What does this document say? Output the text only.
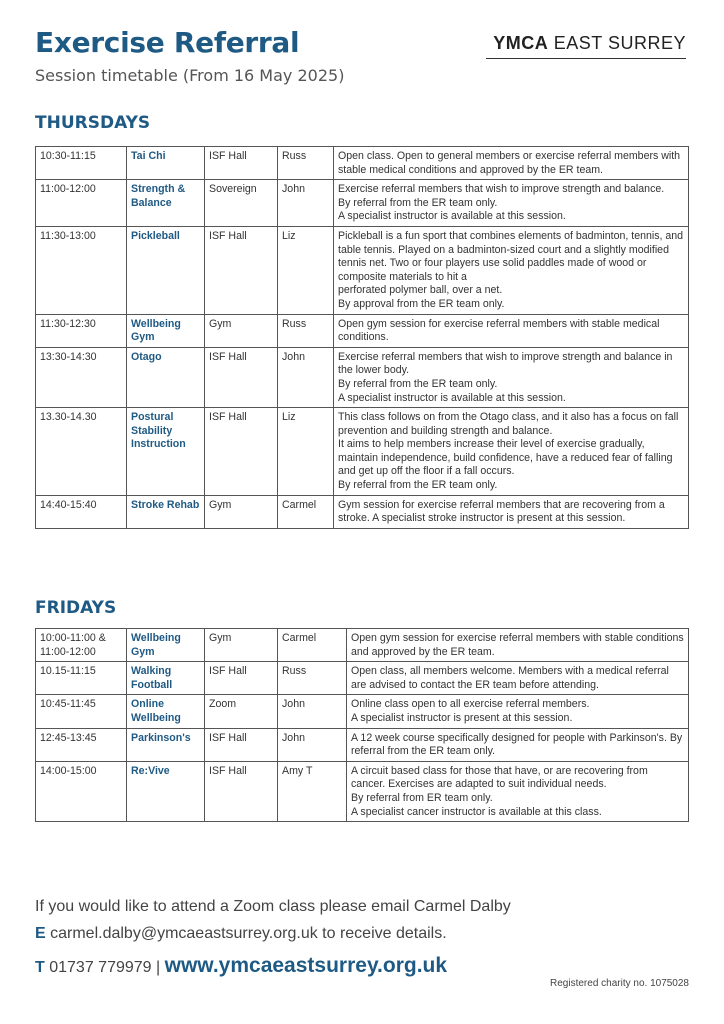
Exercise Referral
Session timetable (From 16 May 2025)
YMCA EAST SURREY
THURSDAYS
10:30-11:15	Tai Chi	ISF Hall	Russ	Open class. Open to general members or exercise referral members with stable medical conditions and approved by the ER team.

11:00-12:00	Strength & Balance	Sovereign	John	Exercise referral members that wish to improve strength and balance.
By referral from the ER team only.
A specialist instructor is available at this session.

11:30-13:00	Pickleball	ISF Hall	Liz	Pickleball is a fun sport that combines elements of badminton, tennis, and table tennis. Played on a badminton-sized court and a slightly modified tennis net. Two or four players use solid paddles made of wood or composite materials to hit a
perforated polymer ball, over a net.
By approval from the ER team only.

11:30-12:30	Wellbeing Gym	Gym	Russ	Open gym session for exercise referral members with stable medical conditions.

13:30-14:30	Otago	ISF Hall	John	Exercise referral members that wish to improve strength and balance in the lower body.
By referral from the ER team only.
A specialist instructor is available at this session.

13.30-14.30	Postural Stability Instruction	ISF Hall	Liz	This class follows on from the Otago class, and it also has a focus on fall prevention and building strength and balance.
It aims to help members increase their level of exercise gradually, maintain independence, build confidence, have a reduced fear of falling and get up off the floor if a fall occurs.
By referral from the ER team only.

14:40-15:40	Stroke Rehab	Gym	Carmel	Gym session for exercise referral members that are recovering from a stroke. A specialist stroke instructor is present at this session.
FRIDAYS
10:00-11:00 & 11:00-12:00	Wellbeing Gym	Gym	Carmel	Open gym session for exercise referral members with stable conditions and approved by the ER team.

10.15-11:15	Walking Football	ISF Hall	Russ	Open class, all members welcome. Members with a medical referral are advised to contact the ER team before attending.

10:45-11:45	Online Wellbeing	Zoom	John	Online class open to all exercise referral members.
A specialist instructor is present at this session.

12:45-13:45	Parkinson's	ISF Hall	John	A 12 week course specifically designed for people with Parkinson's. By referral from the ER team only.

14:00-15:00	Re:Vive	ISF Hall	Amy T	A circuit based class for those that have, or are recovering from cancer. Exercises are adapted to suit individual needs.
By referral from ER team only.
A specialist cancer instructor is available at this class.
If you would like to attend a Zoom class please email Carmel Dalby
E carmel.dalby@ymcaeastsurrey.org.uk to receive details.
T 01737 779979 | www.ymcaeastsurrey.org.uk
Registered charity no. 1075028
